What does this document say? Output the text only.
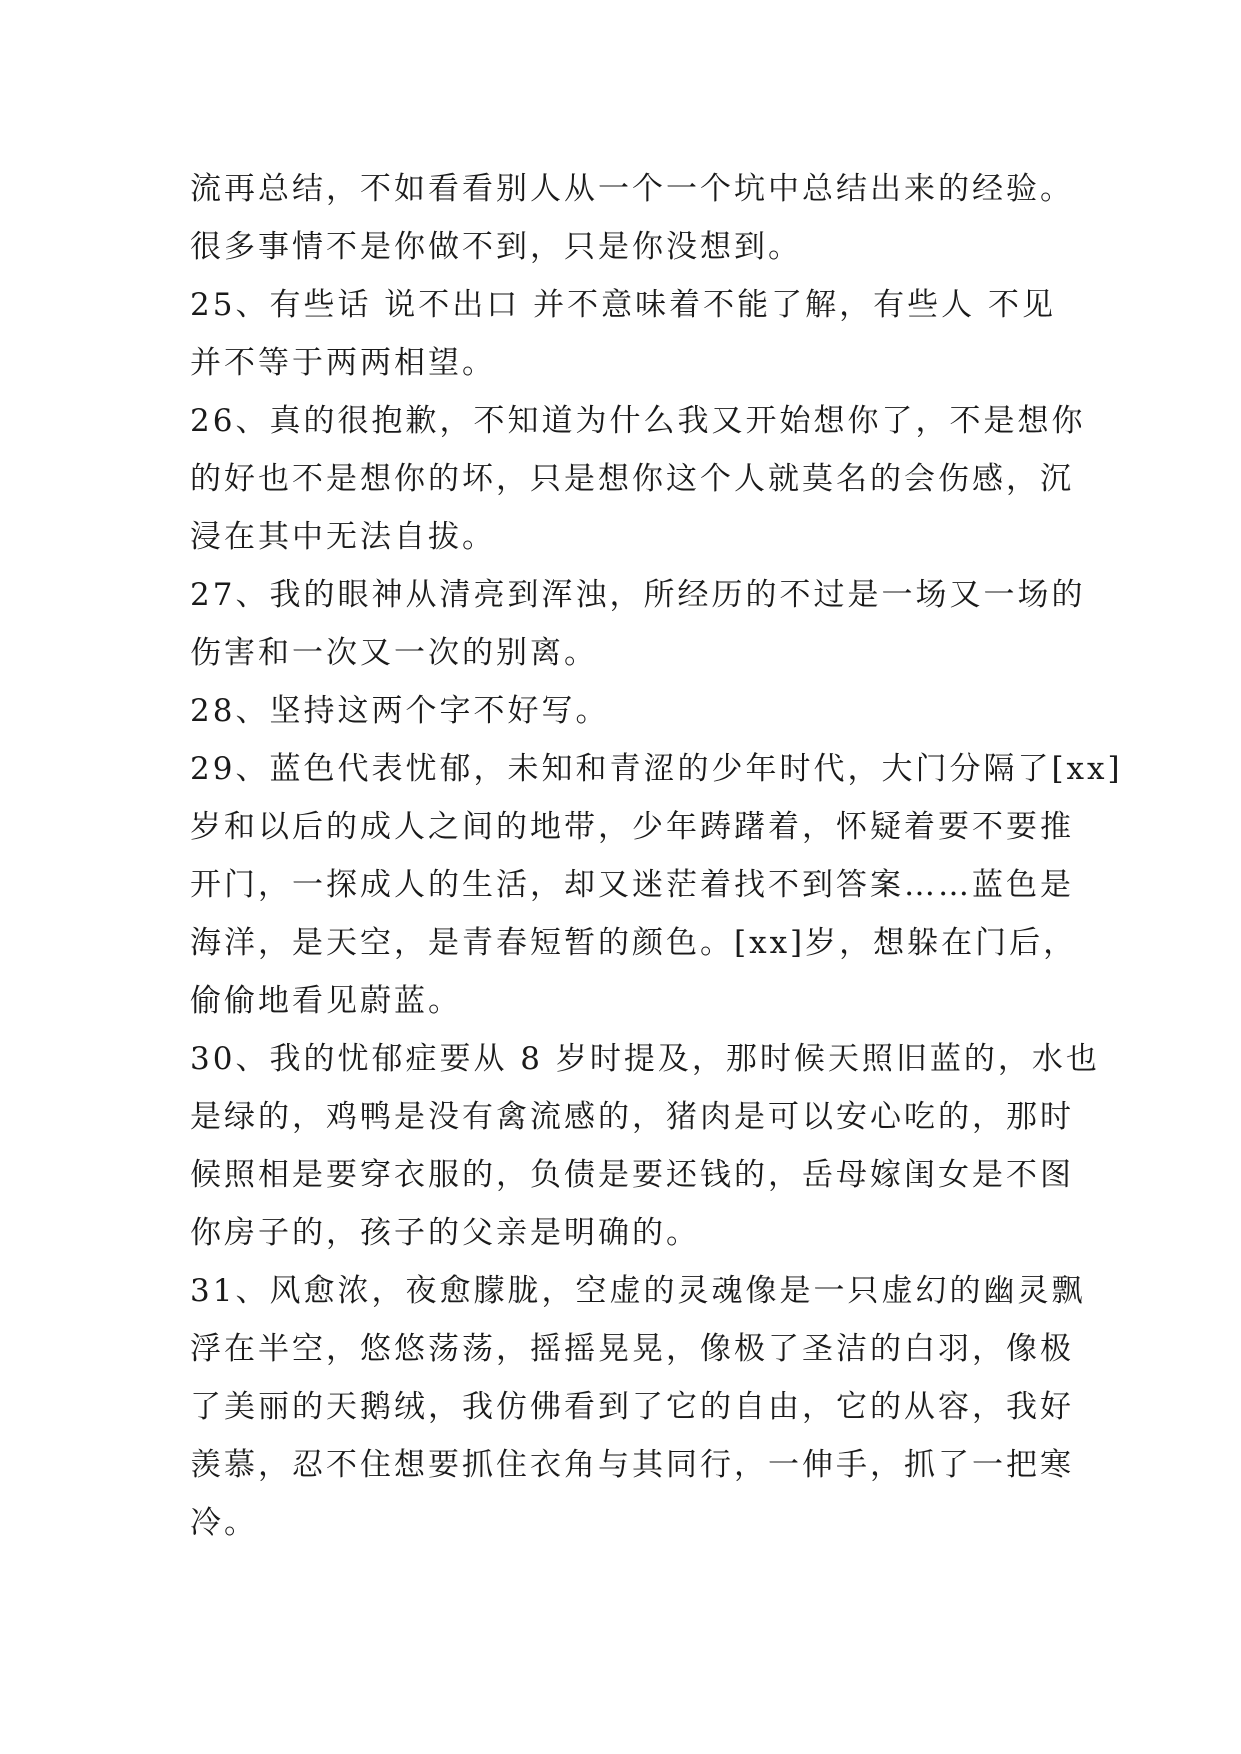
流再总结，不如看看别人从一个一个坑中总结出来的经验。
很多事情不是你做不到，只是你没想到。
25、有些话 说不出口 并不意味着不能了解，有些人 不见
并不等于两两相望。
26、真的很抱歉，不知道为什么我又开始想你了，不是想你
的好也不是想你的坏，只是想你这个人就莫名的会伤感，沉
浸在其中无法自拔。
27、我的眼神从清亮到浑浊，所经历的不过是一场又一场的
伤害和一次又一次的别离。
28、坚持这两个字不好写。
29、蓝色代表忧郁，未知和青涩的少年时代，大门分隔了[xx]
岁和以后的成人之间的地带，少年踌躇着，怀疑着要不要推
开门，一探成人的生活，却又迷茫着找不到答案……蓝色是
海洋，是天空，是青春短暂的颜色。[xx]岁，想躲在门后，
偷偷地看见蔚蓝。
30、我的忧郁症要从 8 岁时提及，那时候天照旧蓝的，水也
是绿的，鸡鸭是没有禽流感的，猪肉是可以安心吃的，那时
候照相是要穿衣服的，负债是要还钱的，岳母嫁闺女是不图
你房子的，孩子的父亲是明确的。
31、风愈浓，夜愈朦胧，空虚的灵魂像是一只虚幻的幽灵飘
浮在半空，悠悠荡荡，摇摇晃晃，像极了圣洁的白羽，像极
了美丽的天鹅绒，我仿佛看到了它的自由，它的从容，我好
羡慕，忍不住想要抓住衣角与其同行，一伸手，抓了一把寒
冷。
